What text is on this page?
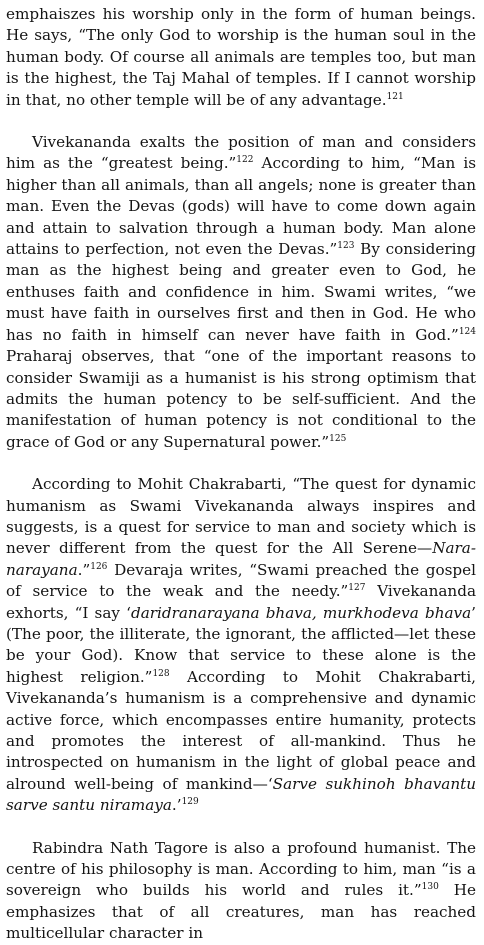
emphaiszes his worship only in the form of human beings. He says, “The only God to worship is the human soul in the human body. Of course all animals are temples too, but man is the highest, the Taj Mahal of temples. If I cannot worship in that, no other temple will be of any advantage.$^{121}$

Vivekananda exalts the position of man and considers him as the “greatest being.”$^{122}$ According to him, “Man is higher than all animals, than all angels; none is greater than man. Even the Devas (gods) will have to come down again and attain to salvation through a human body. Man alone attains to perfection, not even the Devas.”$^{123}$ By considering man as the highest being and greater even to God, he enthuses faith and confidence in him. Swami writes, “we must have faith in ourselves first and then in God. He who has no faith in himself can never have faith in God.”$^{124}$ Praharaj observes, that “one of the important reasons to consider Swamiji as a humanist is his strong optimism that admits the human potency to be self-sufficient. And the manifestation of human potency is not conditional to the grace of God or any Supernatural power.”$^{125}$

According to Mohit Chakrabarti, “The quest for dynamic humanism as Swami Vivekananda always inspires and suggests, is a quest for service to man and society which is never different from the quest for the All Serene—Nara-narayana.”$^{126}$ Devaraja writes, “Swami preached the gospel of service to the weak and the needy.”$^{127}$ Vivekananda exhorts, “I say ‘daridranarayana bhava, murkhodeva bhava’ (The poor, the illiterate, the ignorant, the afflicted—let these be your God). Know that service to these alone is the highest religion.”$^{128}$ According to Mohit Chakrabarti, Vivekananda’s humanism is a comprehensive and dynamic active force, which encompasses entire humanity, protects and promotes the interest of all-mankind. Thus he introspected on humanism in the light of global peace and alround well-being of mankind—‘Sarve sukhinoh bhavantu sarve santu niramaya.’$^{129}$

Rabindra Nath Tagore is also a profound humanist. The centre of his philosophy is man. According to him, man “is a sovereign who builds his world and rules it.”$^{130}$ He emphasizes that of all creatures, man has reached multicellular character in
